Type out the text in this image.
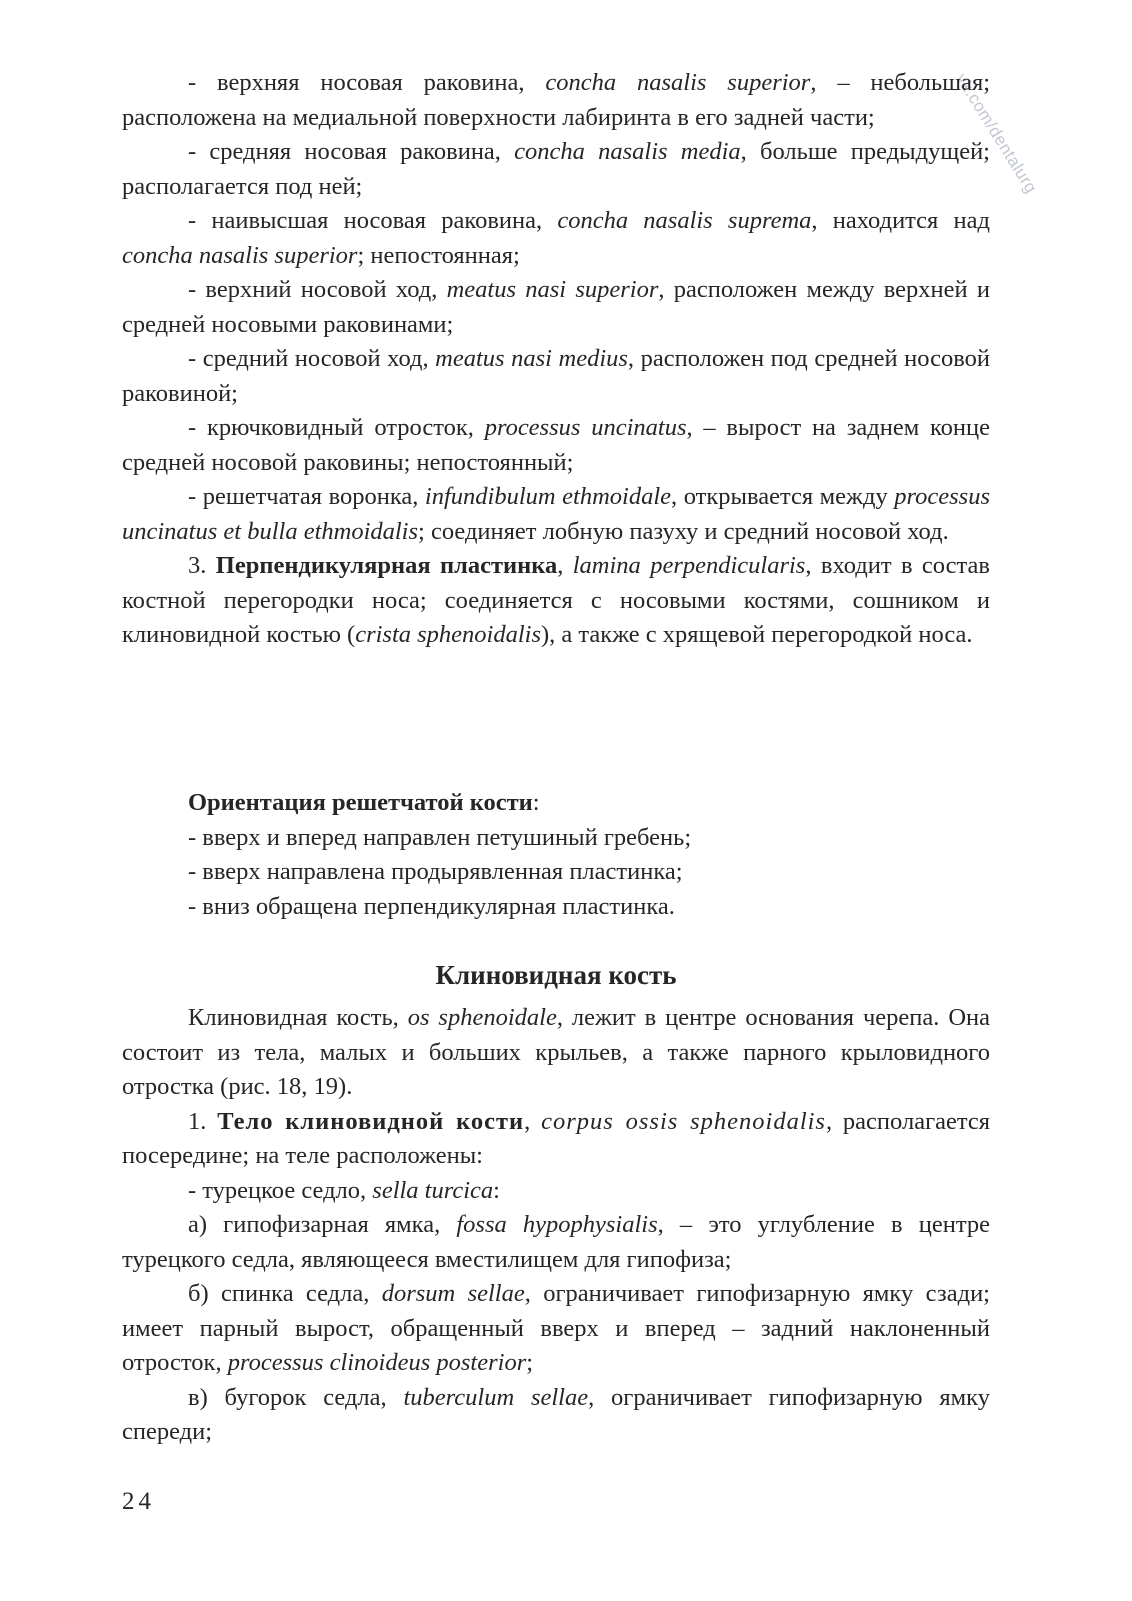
vk.com/dentalurg

- верхняя носовая раковина, concha nasalis superior, – небольшая; расположена на медиальной поверхности лабиринта в его задней части;

- средняя носовая раковина, concha nasalis media, больше предыдущей; располагается под ней;

- наивысшая носовая раковина, concha nasalis suprema, находится над concha nasalis superior; непостоянная;

- верхний носовой ход, meatus nasi superior, расположен между верхней и средней носовыми раковинами;

- средний носовой ход, meatus nasi medius, расположен под средней носовой раковиной;

- крючковидный отросток, processus uncinatus, – вырост на заднем конце средней носовой раковины; непостоянный;

- решетчатая воронка, infundibulum ethmoidale, открывается между processus uncinatus et bulla ethmoidalis; соединяет лобную пазуху и средний носовой ход.

3. Перпендикулярная пластинка, lamina perpendicularis, входит в состав костной перегородки носа; соединяется с носовыми костями, сошником и клиновидной костью (crista sphenoidalis), а также с хрящевой перегородкой носа.

Ориентация решетчатой кости:

- вверх и вперед направлен петушиный гребень;

- вверх направлена продырявленная пластинка;

- вниз обращена перпендикулярная пластинка.

Клиновидная кость

Клиновидная кость, os sphenoidale, лежит в центре основания черепа. Она состоит из тела, малых и больших крыльев, а также парного крыловидного отростка (рис. 18, 19).

1. Тело клиновидной кости, corpus ossis sphenoidalis, располагается посередине; на теле расположены:

- турецкое седло, sella turcica:

а) гипофизарная ямка, fossa hypophysialis, – это углубление в центре турецкого седла, являющееся вместилищем для гипофиза;

б) спинка седла, dorsum sellae, ограничивает гипофизарную ямку сзади; имеет парный вырост, обращенный вверх и вперед – задний наклоненный отросток, processus clinoideus posterior;

в) бугорок седла, tuberculum sellae, ограничивает гипофизарную ямку спереди;

24
